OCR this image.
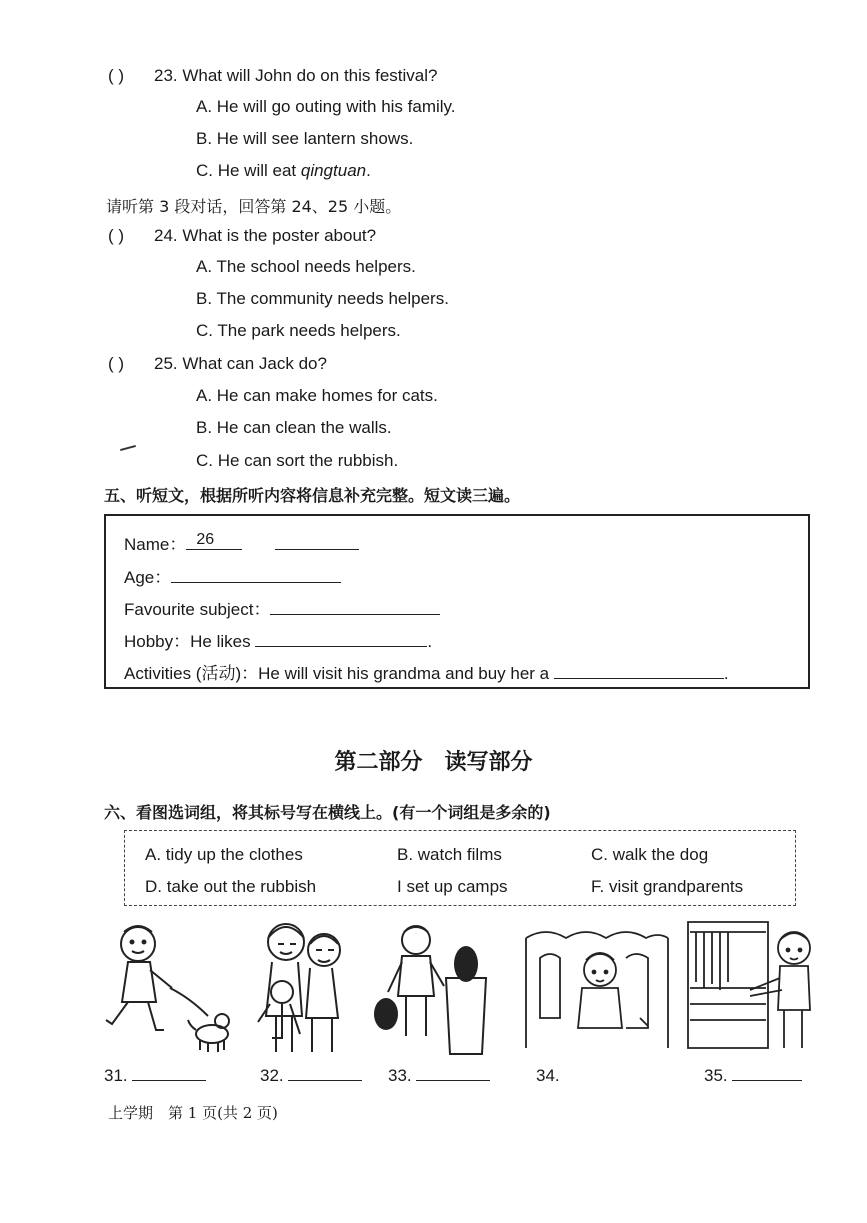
( ) 23. What will John do on this festival?
A. He will go outing with his family.
B. He will see lantern shows.
C. He will eat qingtuan.
请听第 3 段对话，回答第 24、25 小题。
( ) 24. What is the poster about?
A. The school needs helpers.
B. The community needs helpers.
C. The park needs helpers.
( ) 25. What can Jack do?
A. He can make homes for cats.
B. He can clean the walls.
C. He can sort the rubbish.
五、听短文，根据所听内容将信息补充完整。短文读三遍。
Name： 26

Age：
Favourite subject：
Hobby：He likes	.
Activities (活动)：He will visit his grandma and buy her a	.
第二部分　读写部分
六、看图选词组，将其标号写在横线上。(有一个词组是多余的)
A. tidy up the clothes	B. watch films	C. walk the dog
D. take out the rubbish	I set up camps	F. visit grandparents
31.	32.	33.	34.	35.
上学期　第 1 页(共 2 页)
